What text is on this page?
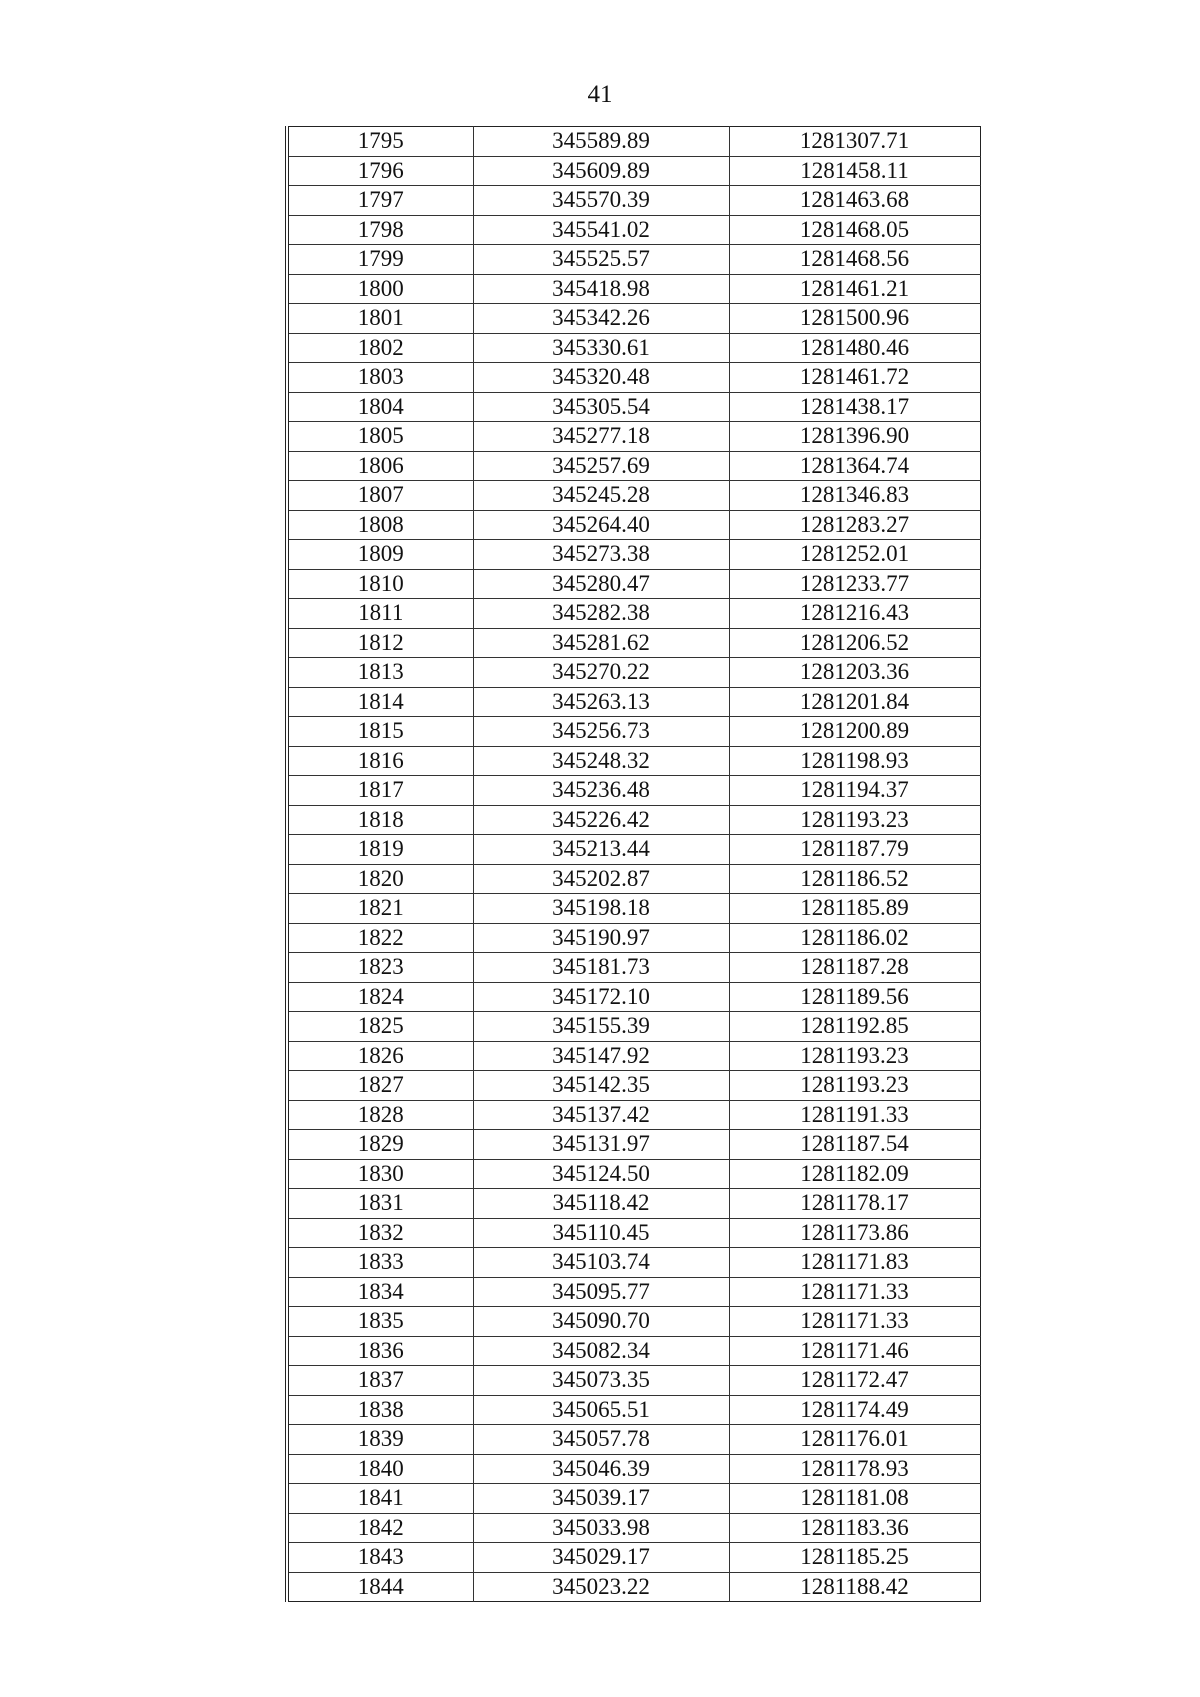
41
1795	345589.89	1281307.71
1796	345609.89	1281458.11
1797	345570.39	1281463.68
1798	345541.02	1281468.05
1799	345525.57	1281468.56
1800	345418.98	1281461.21
1801	345342.26	1281500.96
1802	345330.61	1281480.46
1803	345320.48	1281461.72
1804	345305.54	1281438.17
1805	345277.18	1281396.90
1806	345257.69	1281364.74
1807	345245.28	1281346.83
1808	345264.40	1281283.27
1809	345273.38	1281252.01
1810	345280.47	1281233.77
1811	345282.38	1281216.43
1812	345281.62	1281206.52
1813	345270.22	1281203.36
1814	345263.13	1281201.84
1815	345256.73	1281200.89
1816	345248.32	1281198.93
1817	345236.48	1281194.37
1818	345226.42	1281193.23
1819	345213.44	1281187.79
1820	345202.87	1281186.52
1821	345198.18	1281185.89
1822	345190.97	1281186.02
1823	345181.73	1281187.28
1824	345172.10	1281189.56
1825	345155.39	1281192.85
1826	345147.92	1281193.23
1827	345142.35	1281193.23
1828	345137.42	1281191.33
1829	345131.97	1281187.54
1830	345124.50	1281182.09
1831	345118.42	1281178.17
1832	345110.45	1281173.86
1833	345103.74	1281171.83
1834	345095.77	1281171.33
1835	345090.70	1281171.33
1836	345082.34	1281171.46
1837	345073.35	1281172.47
1838	345065.51	1281174.49
1839	345057.78	1281176.01
1840	345046.39	1281178.93
1841	345039.17	1281181.08
1842	345033.98	1281183.36
1843	345029.17	1281185.25
1844	345023.22	1281188.42
